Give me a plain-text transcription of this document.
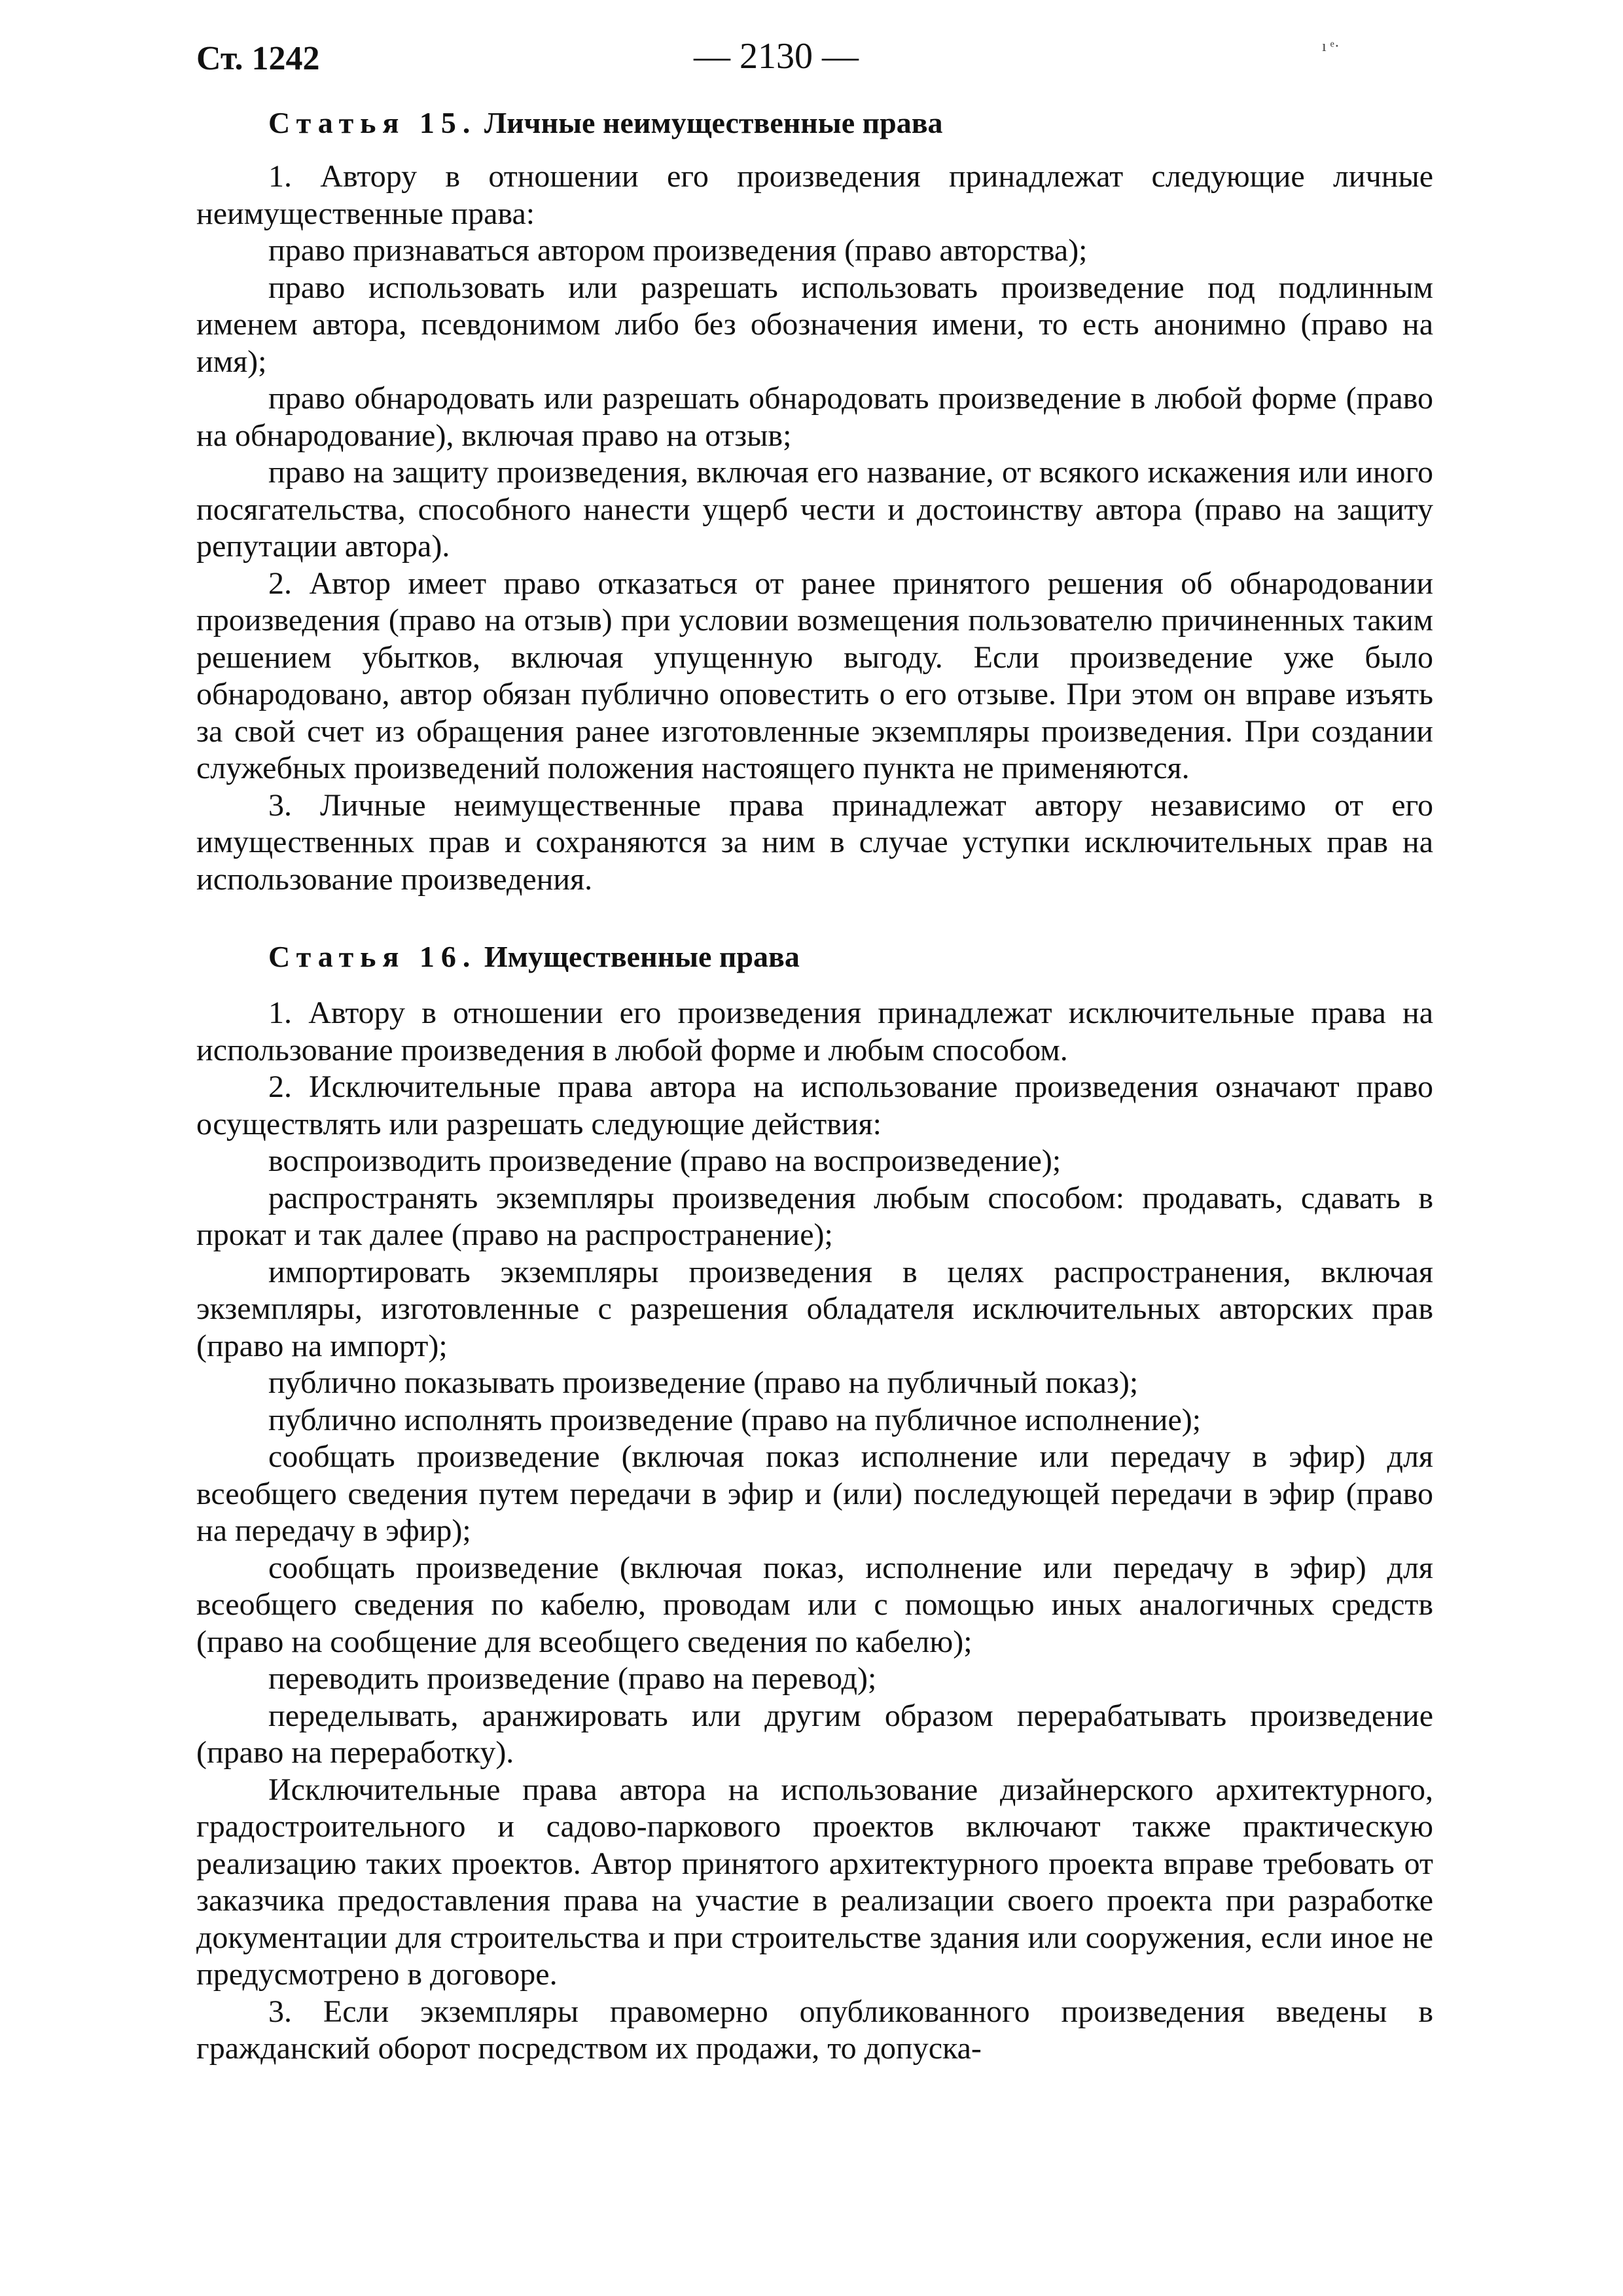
Ст. 1242	— 2130 —	ı ᵉ·
Статья 15. Личные неимущественные права

1. Автору в отношении его произведения принадлежат следующие личные неимущественные права:

право признаваться автором произведения (право авторства);

право использовать или разрешать использовать произведение под подлинным именем автора, псевдонимом либо без обозначения имени, то есть анонимно (право на имя);

право обнародовать или разрешать обнародовать произведение в любой форме (право на обнародование), включая право на отзыв;

право на защиту произведения, включая его название, от всякого искажения или иного посягательства, способного нанести ущерб чести и достоинству автора (право на защиту репутации автора).

2. Автор имеет право отказаться от ранее принятого решения об обнародовании произведения (право на отзыв) при условии возмещения пользователю причиненных таким решением убытков, включая упущенную выгоду. Если произведение уже было обнародовано, автор обязан публично оповестить о его отзыве. При этом он вправе изъять за свой счет из обращения ранее изготовленные экземпляры произведения. При создании служебных произведений положения настоящего пункта не применяются.

3. Личные неимущественные права принадлежат автору независимо от его имущественных прав и сохраняются за ним в случае уступки исключительных прав на использование произведения.

Статья 16. Имущественные права

1. Автору в отношении его произведения принадлежат исключительные права на использование произведения в любой форме и любым способом.

2. Исключительные права автора на использование произведения означают право осуществлять или разрешать следующие действия:

воспроизводить произведение (право на воспроизведение);

распространять экземпляры произведения любым способом: продавать, сдавать в прокат и так далее (право на распространение);

импортировать экземпляры произведения в целях распространения, включая экземпляры, изготовленные с разрешения обладателя исключительных авторских прав (право на импорт);

публично показывать произведение (право на публичный показ);

публично исполнять произведение (право на публичное исполнение);

сообщать произведение (включая показ исполнение или передачу в эфир) для всеобщего сведения путем передачи в эфир и (или) последующей передачи в эфир (право на передачу в эфир);

сообщать произведение (включая показ, исполнение или передачу в эфир) для всеобщего сведения по кабелю, проводам или с помощью иных аналогичных средств (право на сообщение для всеобщего сведения по кабелю);

переводить произведение (право на перевод);

переделывать, аранжировать или другим образом перерабатывать произведение (право на переработку).

Исключительные права автора на использование дизайнерского архитектурного, градостроительного и садово-паркового проектов включают также практическую реализацию таких проектов. Автор принятого архитектурного проекта вправе требовать от заказчика предоставления права на участие в реализации своего проекта при разработке документации для строительства и при строительстве здания или сооружения, если иное не предусмотрено в договоре.

3. Если экземпляры правомерно опубликованного произведения введены в гражданский оборот посредством их продажи, то допуска-
